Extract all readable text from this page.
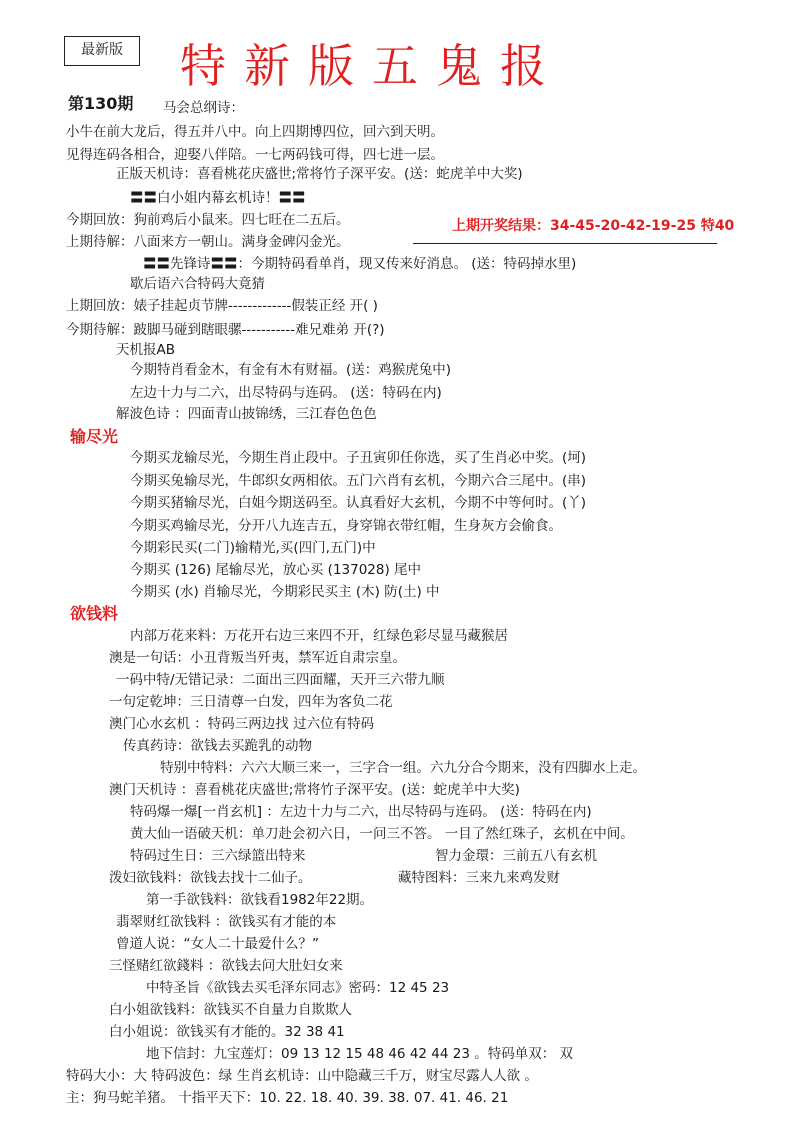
最新版	特新版五鬼报
第130期 马会总纲诗：
小牛在前大龙后，得五并八中。向上四期博四位，回六到天明。
见得连码各相合，迎娶八伴陪。一七两码钱可得，四七进一层。
正版天机诗：喜看桃花庆盛世;常将竹子深平安。(送：蛇虎羊中大奖)
〓〓白小姐内幕玄机诗！〓〓
今期回放：狗前鸡后小鼠来。四七旺在二五后。	上期开奖结果：34-45-20-42-19-25 特40
上期待解：八面来方一朝山。满身金碑闪金光。
〓〓先锋诗〓〓：今期特码看单肖，现又传来好消息。 (送：特码掉水里)
歇后语六合特码大竟猜
上期回放：婊子挂起贞节牌-------------假装正经 开( )
今期待解：跛脚马碰到瞎眼骡-----------难兄难弟 开(?)
天机报AB
今期特肖看金木，有金有木有财福。(送：鸡猴虎兔中)
左边十力与二六，出尽特码与连码。 (送：特码在内)
解波色诗 ：四面青山披锦绣，三江春色色色
输尽光
今期买龙输尽光，今期生肖止段中。子丑寅卯任你选，买了生肖必中奖。(坷)
今期买兔输尽光，牛郎织女两相依。五门六肖有玄机，今期六合三尾中。(串)
今期买猪输尽光，白姐今期送码至。认真看好大玄机，今期不中等何时。(丫)
今期买鸡输尽光，分开八九连吉五，身穿锦衣带红帽，生身灰方会偷食。
今期彩民买(二门)输精光,买(四门,五门)中
今期买 (126) 尾输尽光，放心买 (137028) 尾中
今期买 (水) 肖输尽光，今期彩民买主 (木) 防(土) 中
欲钱料
内部万花来料：万花开右边三来四不开，红绿色彩尽显马藏猴居
澳是一句话：小丑背叛当歼夷，禁军近自肃宗皇。
一码中特/无错记录：二面出三四面耀，天开三六带九顺
一句定乾坤：三日清尊一白发，四年为客负二花
澳门心水玄机 ：特码三两边找 过六位有特码
传真药诗：欲钱去买跪乳的动物
特别中特料：六六大顺三来一，三字合一组。六九分合今期来，没有四脚水上走。
澳门天机诗 ：喜看桃花庆盛世;常将竹子深平安。(送：蛇虎羊中大奖)
特码爆一爆[一肖玄机] ：左边十力与二六，出尽特码与连码。 (送：特码在内)
黄大仙一语破天机：单刀赴会初六日，一问三不答。 一目了然红珠子，玄机在中间。
特码过生日：三六绿篮出特来	智力金環：三前五八有玄机
泼妇欲钱料：欲钱去找十二仙子。	藏特图料：三来九来鸡发财
第一手欲钱料：欲钱看1982年22期。
翡翠财红欲钱料 ：欲钱买有才能的本
曾道人说：“女人二十最爱什么？”
三怪赌红欲錢料 ：欲钱去问大肚妇女来
中特圣旨《欲钱去买毛泽东同志》密码：12 45 23
白小姐欲钱料：欲钱买不自量力自欺欺人
白小姐说：欲钱买有才能的。32 38 41
地下信封：九宝莲灯：09 13 12 15 48 46 42 44 23 。特码单双： 双
特码大小：大 特码波色：绿 生肖玄机诗：山中隐藏三千万，财宝尽露人人欲 。
主：狗马蛇羊猪。 十指平天下：10. 22. 18. 40. 39. 38. 07. 41. 46. 21
